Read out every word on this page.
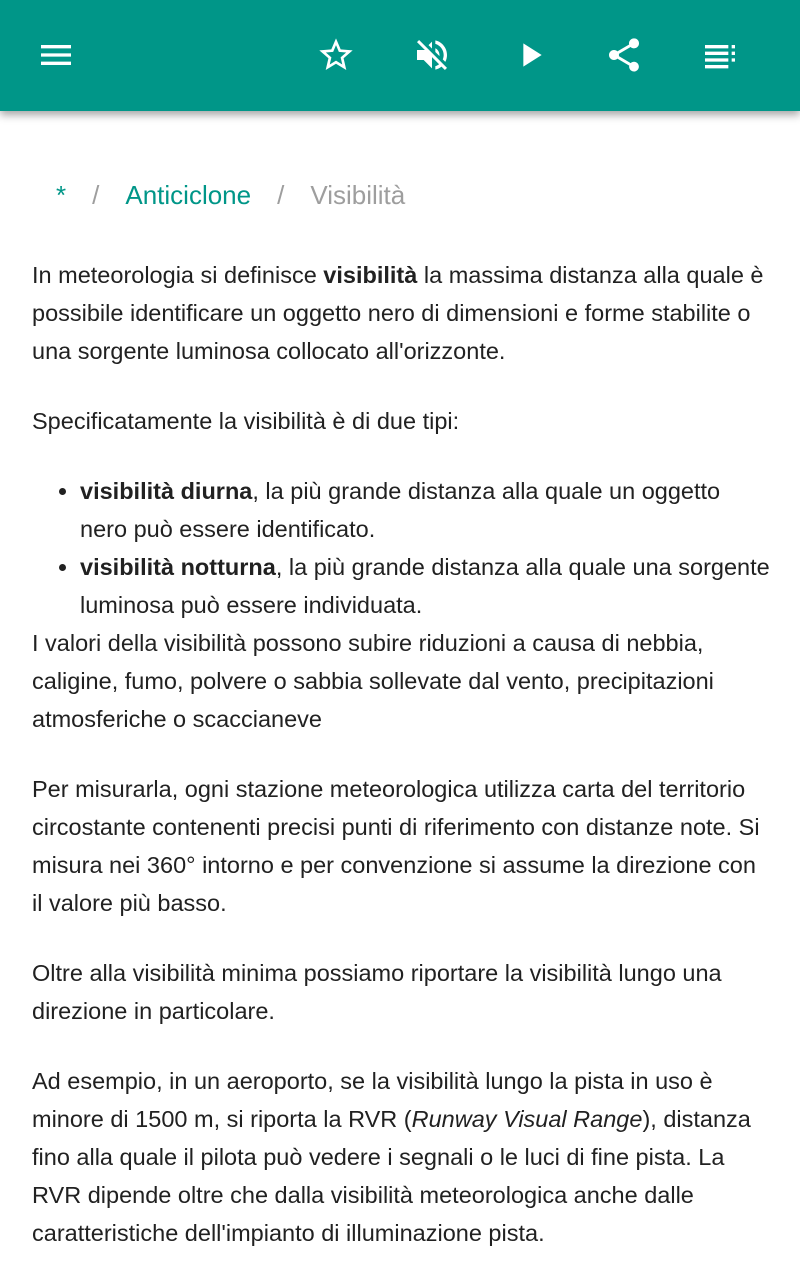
* / Anticiclone / Visibilità

In meteorologia si definisce visibilità la massima distanza alla quale è possibile identificare un oggetto nero di dimensioni e forme stabilite o una sorgente luminosa collocato all'orizzonte.

Specificatamente la visibilità è di due tipi:

• visibilità diurna, la più grande distanza alla quale un oggetto nero può essere identificato.
• visibilità notturna, la più grande distanza alla quale una sorgente luminosa può essere individuata.

I valori della visibilità possono subire riduzioni a causa di nebbia, caligine, fumo, polvere o sabbia sollevate dal vento, precipitazioni atmosferiche o scaccianeve

Per misurarla, ogni stazione meteorologica utilizza carta del territorio circostante contenenti precisi punti di riferimento con distanze note. Si misura nei 360° intorno e per convenzione si assume la direzione con il valore più basso.

Oltre alla visibilità minima possiamo riportare la visibilità lungo una direzione in particolare.

Ad esempio, in un aeroporto, se la visibilità lungo la pista in uso è minore di 1500 m, si riporta la RVR (Runway Visual Range), distanza fino alla quale il pilota può vedere i segnali o le luci di fine pista. La RVR dipende oltre che dalla visibilità meteorologica anche dalle caratteristiche dell'impianto di illuminazione pista.
